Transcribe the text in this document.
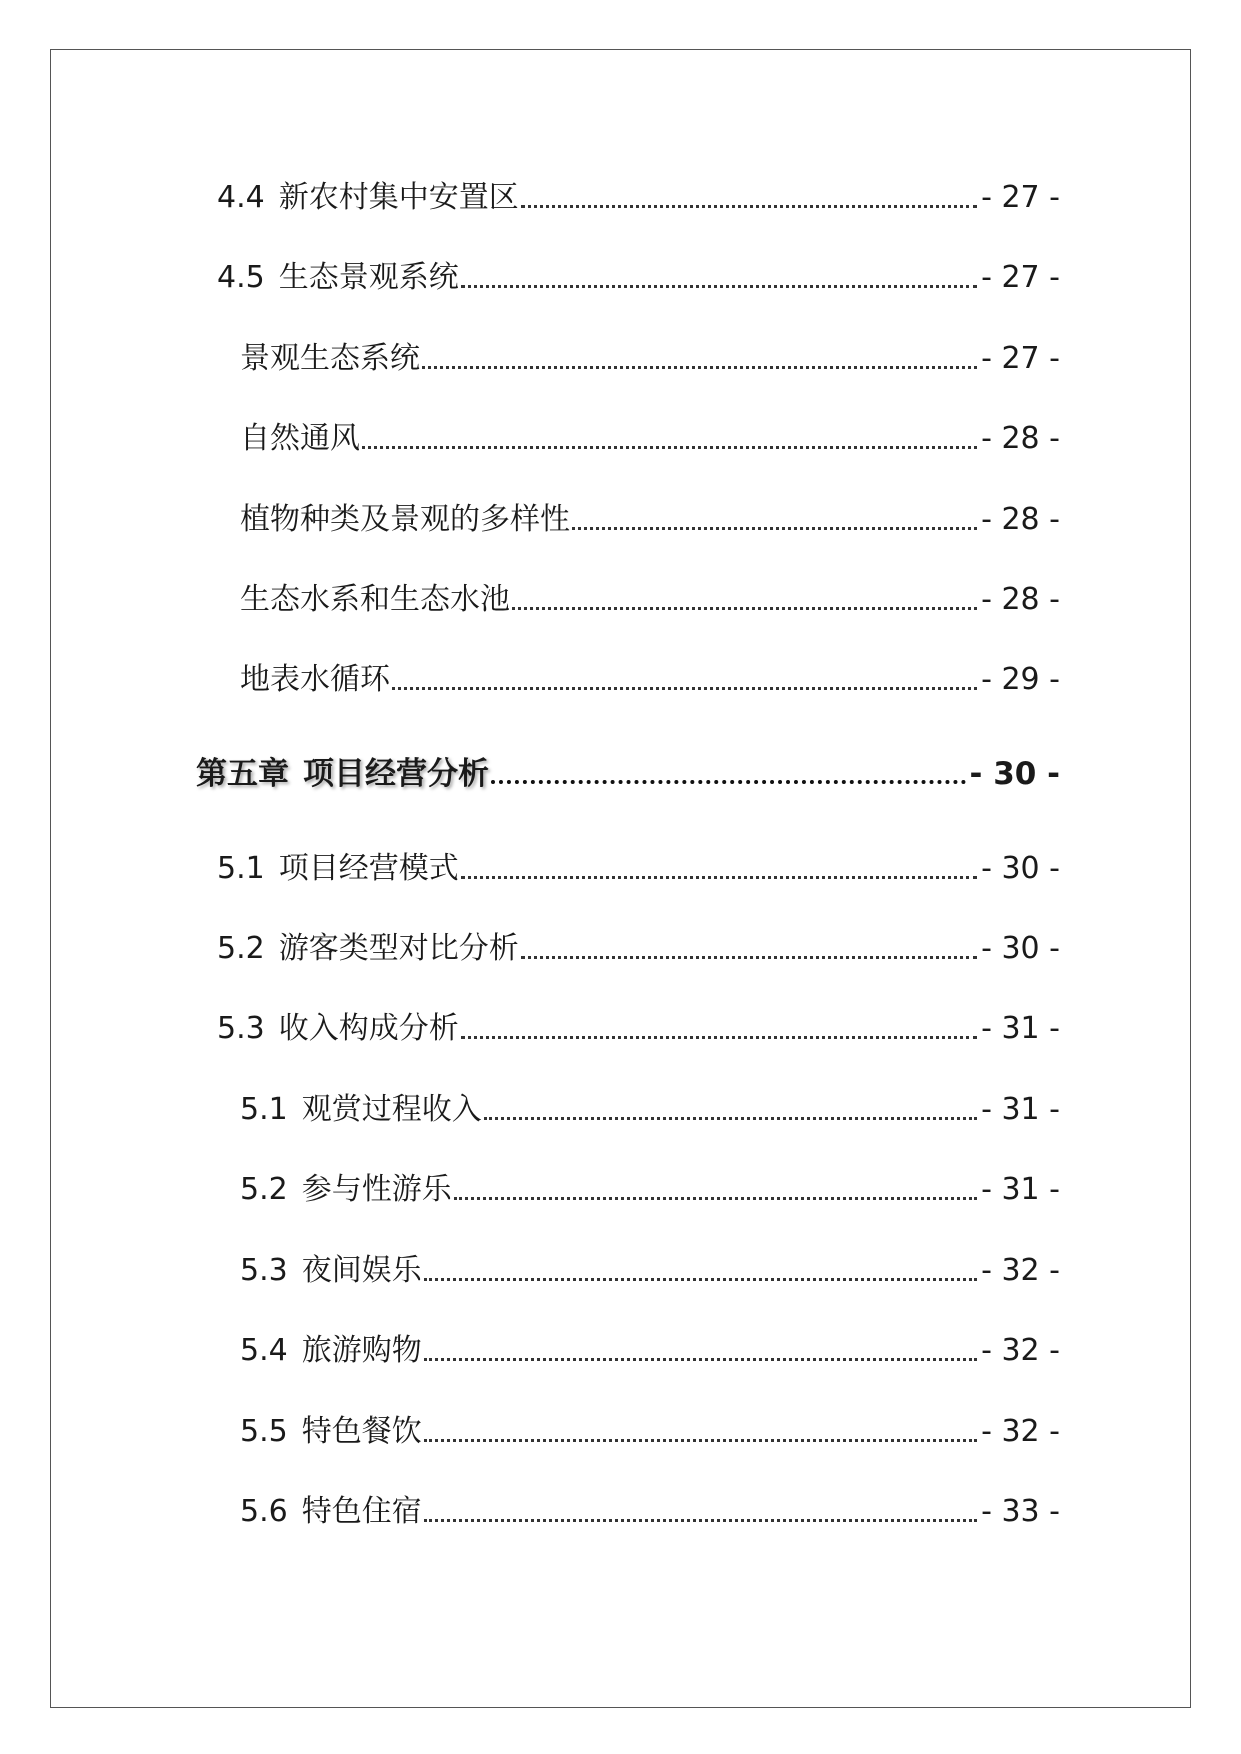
4.4 新农村集中安置区	- 27 -
4.5 生态景观系统	- 27 -
景观生态系统	- 27 -
自然通风	- 28 -
植物种类及景观的多样性	- 28 -
生态水系和生态水池	- 28 -
地表水循环	- 29 -
第五章 项目经营分析	- 30 -
5.1 项目经营模式	- 30 -
5.2 游客类型对比分析	- 30 -
5.3 收入构成分析	- 31 -
5.1 观赏过程收入	- 31 -
5.2 参与性游乐	- 31 -
5.3 夜间娱乐	- 32 -
5.4 旅游购物	- 32 -
5.5 特色餐饮	- 32 -
5.6 特色住宿	- 33 -
